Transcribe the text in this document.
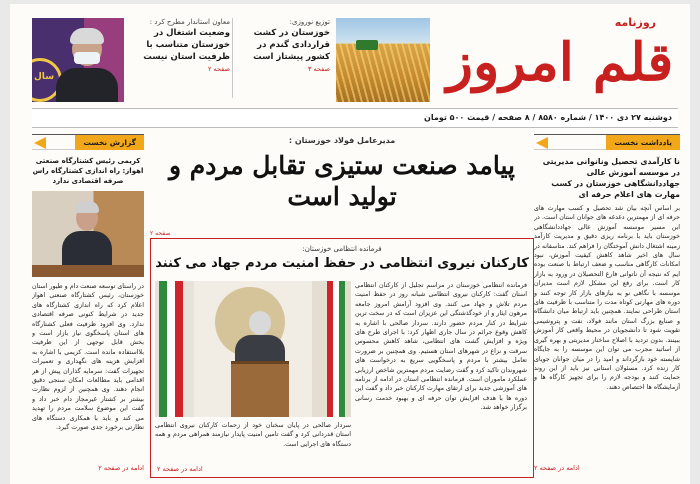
سال
معاون استاندار مطرح کرد :
وضعیت اشتغال در خوزستان متناسب با ظرفیت استان نیست
صفحه ۲
توزیع نوروزی:
خوزستان در کشت قراردادی گندم در کشور پیشتاز است
صفحه ۳
روزنامه
قلم امروز
دوشنبه ۲۷ دی ۱۴۰۰ / شماره ۸۵۸۰ / ۸ صفحه / قیمت ۵۰۰ تومان
یادداشت نخست
نا کارآمدی تحصیل ونانوانی مدیریتی در موسسه آموزش عالی جهاددانشگاهی خوزستان در کسب مهارت های اعلام حرفه ای
بر اساس آنچه بیان شد تحصیل و کسب مهارت های حرفه ای از مهمترین دغدغه های جوانان استان است. در این مسیر موسسه آموزش عالی جهاددانشگاهی خوزستان باید با برنامه ریزی دقیق و مدیریت کارآمد زمینه اشتغال دانش آموختگان را فراهم کند. متاسفانه در سال های اخیر شاهد کاهش کیفیت آموزش، نبود امکانات کارگاهی مناسب و ضعف ارتباط با صنعت بوده ایم که نتیجه آن ناتوانی فارغ التحصیلان در ورود به بازار کار است. برای رفع این مشکل لازم است مدیران موسسه با نگاهی نو به نیازهای بازار کار توجه کنند و دوره های مهارتی کوتاه مدت را متناسب با ظرفیت های استان طراحی نمایند. همچنین باید ارتباط میان دانشگاه و صنایع بزرگ استان مانند فولاد، نفت و پتروشیمی تقویت شود تا دانشجویان در محیط واقعی کار آموزش ببینند. بدون تردید با اصلاح ساختار مدیریتی و بهره گیری از اساتید مجرب می توان این موسسه را به جایگاه شایسته خود بازگرداند و امید را در میان جوانان جویای کار زنده کرد. مسئولان استانی نیز باید از این روند حمایت کنند و بودجه لازم را برای تجهیز کارگاه ها و آزمایشگاه ها اختصاص دهند.
ادامه در صفحه ۲
گزارش نخست
کریمی رئیس کشتارگاه صنعتی اهواز: راه اندازی کشتارگاه راس صرفه اقتصادی ندارد
در راستای توسعه صنعت دام و طیور استان خوزستان، رئیس کشتارگاه صنعتی اهواز اعلام کرد که راه اندازی کشتارگاه های جدید در شرایط کنونی صرفه اقتصادی ندارد. وی افزود ظرفیت فعلی کشتارگاه های استان پاسخگوی نیاز بازار است و بخش قابل توجهی از این ظرفیت بلااستفاده مانده است. کریمی با اشاره به افزایش هزینه های نگهداری و تعمیرات تجهیزات گفت: سرمایه گذاران پیش از هر اقدامی باید مطالعات امکان سنجی دقیق انجام دهند. وی همچنین از لزوم نظارت بیشتر بر کشتار غیرمجاز دام خبر داد و گفت این موضوع سلامت مردم را تهدید می کند و باید با همکاری دستگاه های نظارتی برخورد جدی صورت گیرد.
ادامه در صفحه ۲
مدیرعامل فولاد خوزستان :
پیامد صنعت ستیزی تقابل مردم و تولید است
صفحه ۲
فرمانده انتظامی خوزستان:
کارکنان نیروی انتظامی در حفظ امنیت مردم جهاد می کنند
سردار صالحی در پایان سخنان خود از زحمات کارکنان نیروی انتظامی استان قدردانی کرد و گفت تامین امنیت پایدار نیازمند همراهی مردم و همه دستگاه های اجرایی است.
فرمانده انتظامی خوزستان در مراسم تجلیل از کارکنان انتظامی استان گفت: کارکنان نیروی انتظامی شبانه روز در حفظ امنیت مردم تلاش و جهاد می کنند. وی افزود آرامش امروز جامعه مرهون ایثار و از خودگذشتگی این عزیزان است که در سخت ترین شرایط در کنار مردم حضور دارند. سردار صالحی با اشاره به کاهش وقوع جرائم در سال جاری اظهار کرد: با اجرای طرح های ویژه و افزایش گشت های انتظامی، شاهد کاهش محسوس سرقت و نزاع در شهرهای استان هستیم. وی همچنین بر ضرورت تعامل بیشتر با مردم و پاسخگویی سریع به درخواست های شهروندان تاکید کرد و گفت رضایت مردم مهمترین شاخص ارزیابی عملکرد ماموران است. فرمانده انتظامی استان در ادامه از برنامه های آموزشی جدید برای ارتقای مهارت کارکنان خبر داد و گفت این دوره ها با هدف افزایش توان حرفه ای و بهبود خدمت رسانی برگزار خواهد شد.
ادامه در صفحه ۲
